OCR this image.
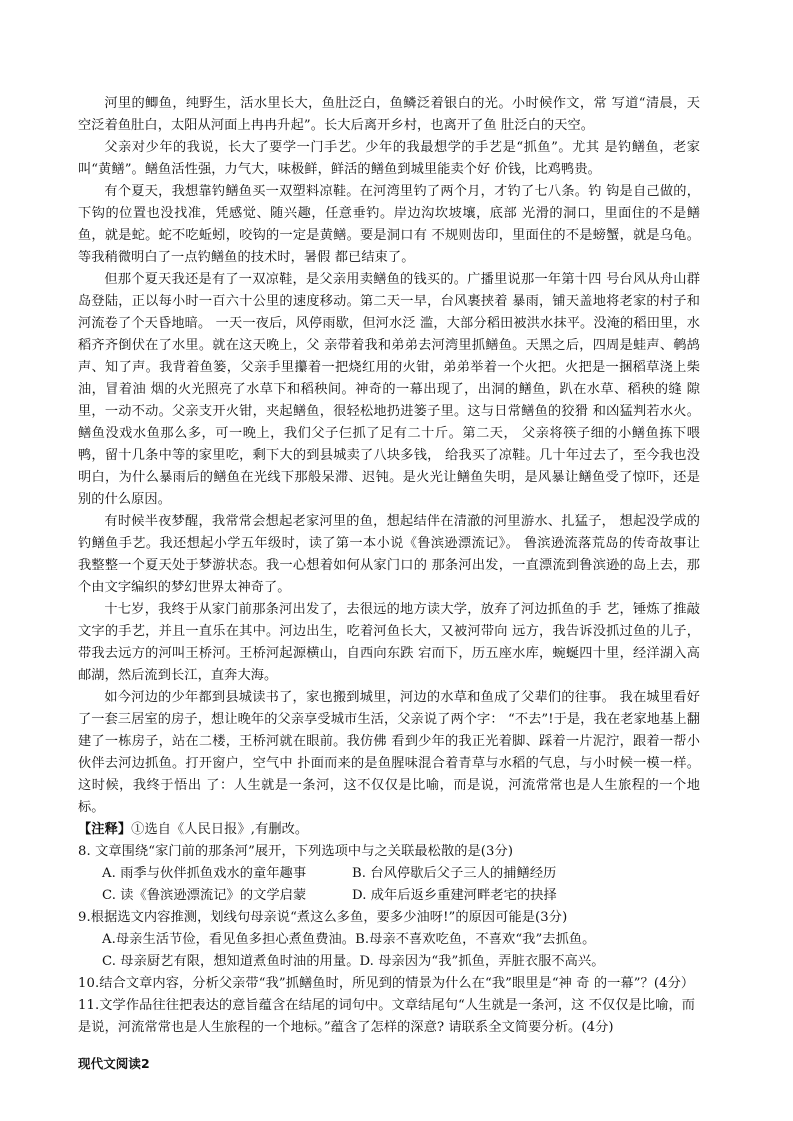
河里的鲫鱼，纯野生，活水里长大，鱼肚泛白，鱼鳞泛着银白的光。小时候作文，常 写道“清晨，天空泛着鱼肚白，太阳从河面上冉冉升起”。长大后离开乡村，也离开了鱼 肚泛白的天空。

父亲对少年的我说，长大了要学一门手艺。少年的我最想学的手艺是“抓鱼”。尤其 是钓鳝鱼，老家叫“黄鳝”。鳝鱼活性强，力气大，味极鲜，鲜活的鳝鱼到城里能卖个好 价钱，比鸡鸭贵。

有个夏天，我想靠钓鳝鱼买一双塑料凉鞋。在河湾里钓了两个月，才钓了七八条。钓 钩是自己做的，下钩的位置也没找准，凭感觉、随兴趣，任意垂钓。岸边沟坎坡壤，底部 光滑的洞口，里面住的不是鳝鱼，就是蛇。蛇不吃蚯蚓，咬钩的一定是黄鳝。要是洞口有 不规则齿印，里面住的不是螃蟹，就是乌龟。等我稍微明白了一点钓鳝鱼的技术时，暑假 都已结束了。

但那个夏天我还是有了一双凉鞋，是父亲用卖鳝鱼的钱买的。广播里说那一年第十四 号台风从舟山群岛登陆，正以每小时一百六十公里的速度移动。第二天一早，台风裹挟着 暴雨，铺天盖地将老家的村子和河流卷了个天昏地暗。 一天一夜后，风停雨歇，但河水泛 滥，大部分稻田被洪水抹平。没淹的稻田里，水稻齐齐倒伏在了水里。就在这天晚上，父 亲带着我和弟弟去河湾里抓鳝鱼。天黑之后，四周是蛙声、鹌鸪声、知了声。我背着鱼篓，父亲手里攥着一把烧红用的火钳，弟弟举着一个火把。火把是一捆稻草浇上柴油，冒着油 烟的火光照亮了水草下和稻秧间。神奇的一幕出现了，出洞的鳝鱼，趴在水草、稻秧的缝 隙里，一动不动。父亲支开火钳，夹起鳝鱼，很轻松地扔进篓子里。这与日常鳝鱼的狡猾 和凶猛判若水火。鳝鱼没戏水鱼那么多，可一晚上，我们父子仨抓了足有二十斤。第二天， 父亲将筷子细的小鳝鱼拣下喂鸭，留十几条中等的家里吃，剩下大的到县城卖了八块多钱， 给我买了凉鞋。几十年过去了，至今我也没明白，为什么暴雨后的鳝鱼在光线下那般呆滞、迟钝。是火光让鳝鱼失明，是风暴让鳝鱼受了惊吓，还是别的什么原因。

有时候半夜梦醒，我常常会想起老家河里的鱼，想起结伴在清澈的河里游水、扎猛子， 想起没学成的钓鳝鱼手艺。我还想起小学五年级时，读了第一本小说《鲁滨逊漂流记》。 鲁滨逊流落荒岛的传奇故事让我整整一个夏天处于梦游状态。我一心想着如何从家门口的 那条河出发，一直漂流到鲁滨逊的岛上去，那个由文字编织的梦幻世界太神奇了。

十七岁，我终于从家门前那条河出发了，去很远的地方读大学，放弃了河边抓鱼的手 艺，锤炼了推敲文字的手艺，并且一直乐在其中。河边出生，吃着河鱼长大，又被河带向 远方，我告诉没抓过鱼的儿子，带我去远方的河叫王桥河。王桥河起源横山，自西向东跌 宕而下，历五座水库，蜿蜒四十里，经洋湖入高邮湖，然后流到长江，直奔大海。

如今河边的少年都到县城读书了，家也搬到城里，河边的水草和鱼成了父辈们的往事。 我在城里看好了一套三居室的房子，想让晚年的父亲享受城市生活，父亲说了两个字： “不去”!于是，我在老家地基上翻建了一栋房子，站在二楼，王桥河就在眼前。我仿佛 看到少年的我正光着脚、踩着一片泥泞，跟着一帮小伙伴去河边抓鱼。打开窗户，空气中 扑面而来的是鱼腥味混合着青草与水稻的气息，与小时候一模一样。这时候，我终于悟出 了：人生就是一条河，这不仅仅是比喻，而是说，河流常常也是人生旅程的一个地标。

【注释】①选自《人民日报》,有删改。

8. 文章围绕“家门前的那条河”展开，下列选项中与之关联最松散的是(3分)

A. 雨季与伙伴抓鱼戏水的童年趣事	B. 台风停歇后父子三人的捕鳝经历
C. 读《鲁滨逊漂流记》的文学启蒙	D. 成年后返乡重建河畔老宅的抉择

9.根据选文内容推测，划线句母亲说“煮这么多鱼，要多少油呀!”的原因可能是(3分)

A.母亲生活节俭，看见鱼多担心煮鱼费油。B.母亲不喜欢吃鱼，不喜欢“我”去抓鱼。

C. 母亲厨艺有限，想知道煮鱼时油的用量。D. 母亲因为“我”抓鱼，弄脏衣服不高兴。

10.结合文章内容，分析父亲带“我”抓鳝鱼时，所见到的情景为什么在“我”眼里是“神 奇 的一幕”？(4分）

11.文学作品往往把表达的意旨蕴含在结尾的词句中。文章结尾句“人生就是一条河，这 不仅仅是比喻，而是说，河流常常也是人生旅程的一个地标。”蕴含了怎样的深意? 请联系全文简要分析。(4分)

现代文阅读2
